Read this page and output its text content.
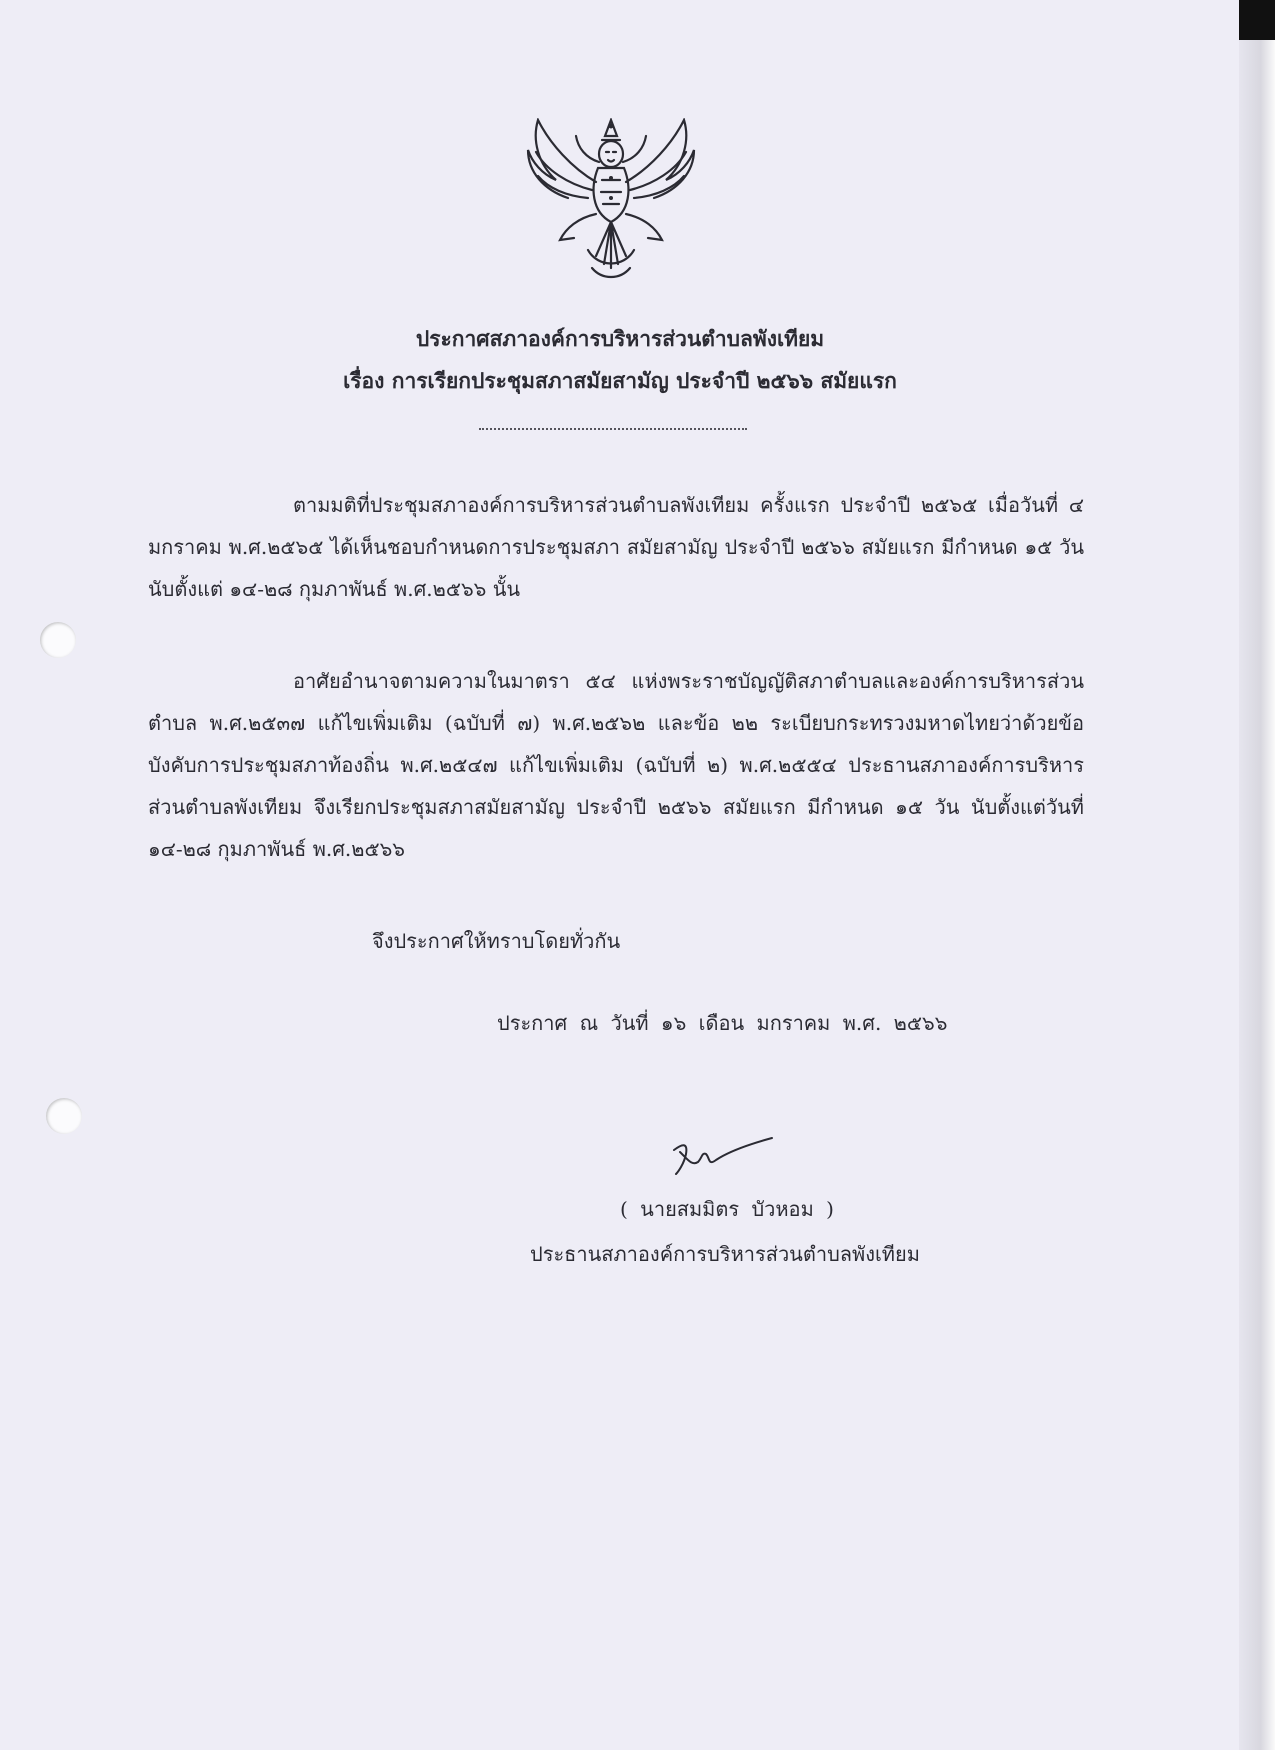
ประกาศสภาองค์การบริหารส่วนตำบลพังเทียม
เรื่อง การเรียกประชุมสภาสมัยสามัญ ประจำปี ๒๕๖๖ สมัยแรก

ตามมติที่ประชุมสภาองค์การบริหารส่วนตำบลพังเทียม ครั้งแรก ประจำปี ๒๕๖๕ เมื่อวันที่ ๔ มกราคม พ.ศ.๒๕๖๕ ได้เห็นชอบกำหนดการประชุมสภา สมัยสามัญ ประจำปี ๒๕๖๖ สมัยแรก มีกำหนด ๑๕ วัน นับตั้งแต่ ๑๔-๒๘ กุมภาพันธ์ พ.ศ.๒๕๖๖ นั้น

อาศัยอำนาจตามความในมาตรา ๕๔ แห่งพระราชบัญญัติสภาตำบลและองค์การบริหารส่วนตำบล พ.ศ.๒๕๓๗ แก้ไขเพิ่มเติม (ฉบับที่ ๗) พ.ศ.๒๕๖๒ และข้อ ๒๒ ระเบียบกระทรวงมหาดไทยว่าด้วยข้อบังคับการประชุมสภาท้องถิ่น พ.ศ.๒๕๔๗ แก้ไขเพิ่มเติม (ฉบับที่ ๒) พ.ศ.๒๕๕๔ ประธานสภาองค์การบริหารส่วนตำบลพังเทียม จึงเรียกประชุมสภาสมัยสามัญ ประจำปี ๒๕๖๖ สมัยแรก มีกำหนด ๑๕ วัน นับตั้งแต่วันที่ ๑๔-๒๘ กุมภาพันธ์ พ.ศ.๒๕๖๖

จึงประกาศให้ทราบโดยทั่วกัน
ประกาศ ณ วันที่ ๑๖ เดือน มกราคม พ.ศ. ๒๕๖๖
( นายสมมิตร บัวหอม )
ประธานสภาองค์การบริหารส่วนตำบลพังเทียม
